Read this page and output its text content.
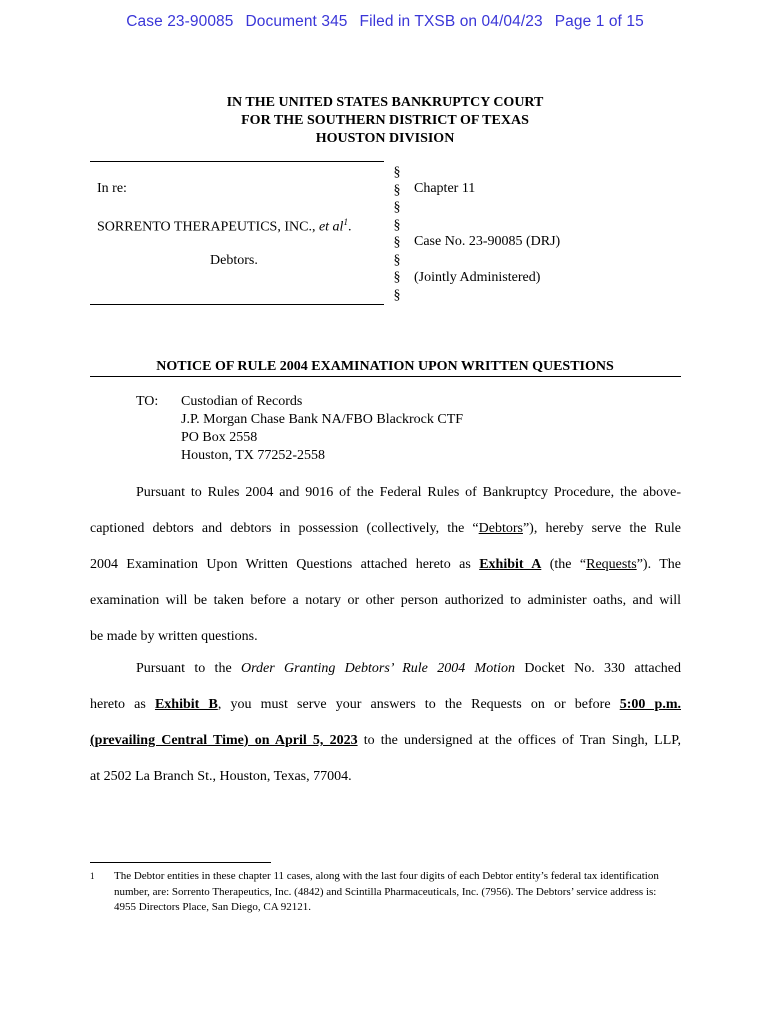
Case 23-90085 Document 345 Filed in TXSB on 04/04/23 Page 1 of 15
IN THE UNITED STATES BANKRUPTCY COURT
FOR THE SOUTHERN DISTRICT OF TEXAS
HOUSTON DIVISION
In re:
SORRENTO THERAPEUTICS, INC., et $al^1$.
Debtors.
§
§
§
§
§
§
§
§
Chapter 11
Case No. 23-90085 (DRJ)
(Jointly Administered)
NOTICE OF RULE 2004 EXAMINATION UPON WRITTEN QUESTIONS
TO: Custodian of Records
J.P. Morgan Chase Bank NA/FBO Blackrock CTF
PO Box 2558
Houston, TX 77252-2558
Pursuant to Rules 2004 and 9016 of the Federal Rules of Bankruptcy Procedure, the above-
captioned debtors and debtors in possession (collectively, the “Debtors”), hereby serve the Rule
2004 Examination Upon Written Questions attached hereto as Exhibit A (the “Requests”). The
examination will be taken before a notary or other person authorized to administer oaths, and will
be made by written questions.
Pursuant to the Order Granting Debtors’ Rule 2004 Motion Docket No. 330 attached
hereto as Exhibit B, you must serve your answers to the Requests on or before 5:00 p.m.
(prevailing Central Time) on April 5, 2023 to the undersigned at the offices of Tran Singh, LLP,
at 2502 La Branch St., Houston, Texas, 77004.
1 The Debtor entities in these chapter 11 cases, along with the last four digits of each Debtor entity’s federal tax identification number, are: Sorrento Therapeutics, Inc. (4842) and Scintilla Pharmaceuticals, Inc. (7956). The Debtors’ service address is: 4955 Directors Place, San Diego, CA 92121.
